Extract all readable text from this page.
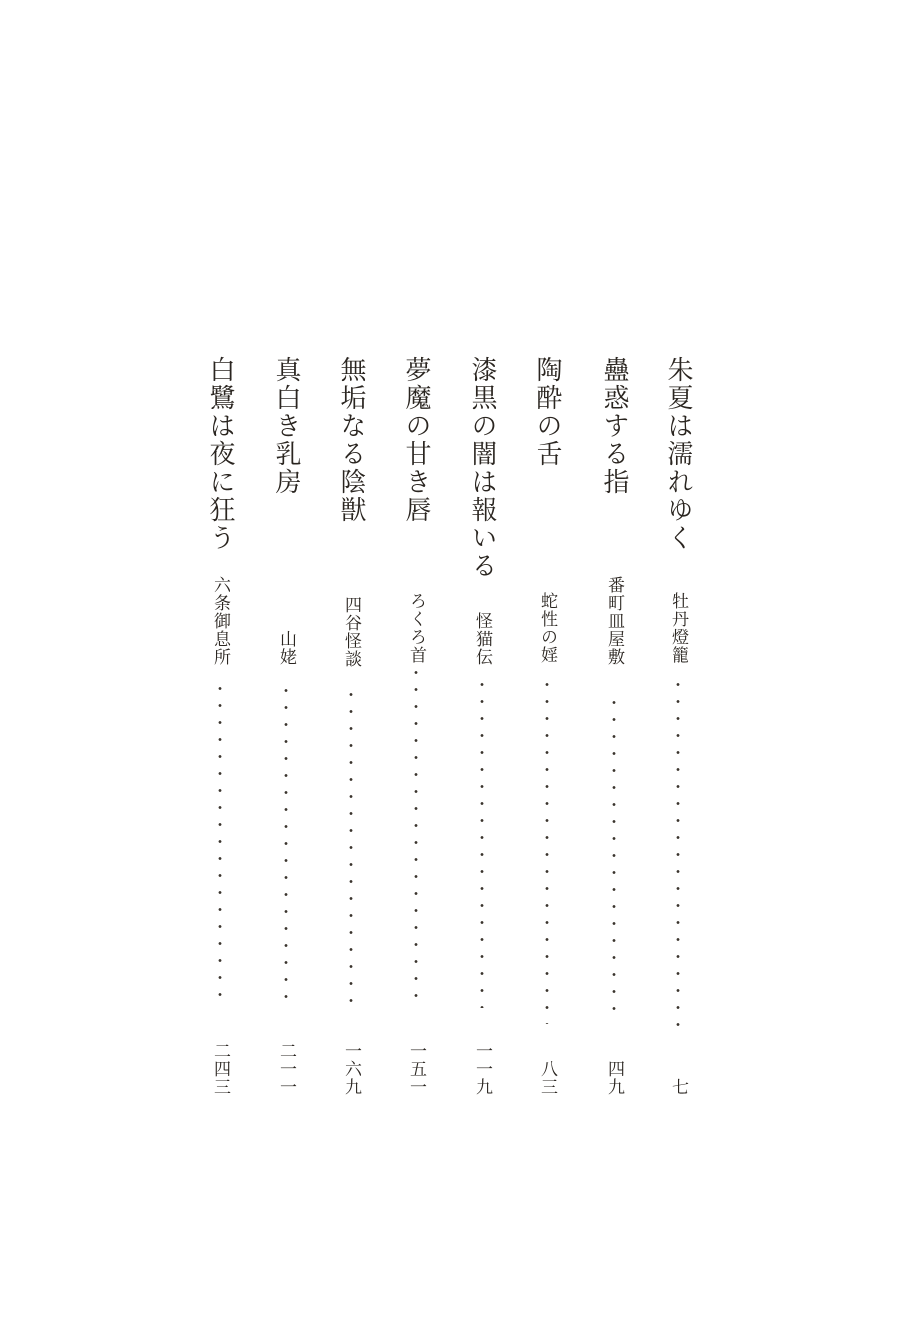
朱夏は濡れゆく
牡丹燈籠
七
蠱惑する指
番町皿屋敷
四九
陶酔の舌
蛇性の婬
八三
漆黒の闇は報いる
怪猫伝
一一九
夢魔の甘き唇
ろくろ首
一五一
無垢なる陰獣
四谷怪談
一六九
真白き乳房
山姥
二一一
白鷺は夜に狂う
六条御息所
二四三
